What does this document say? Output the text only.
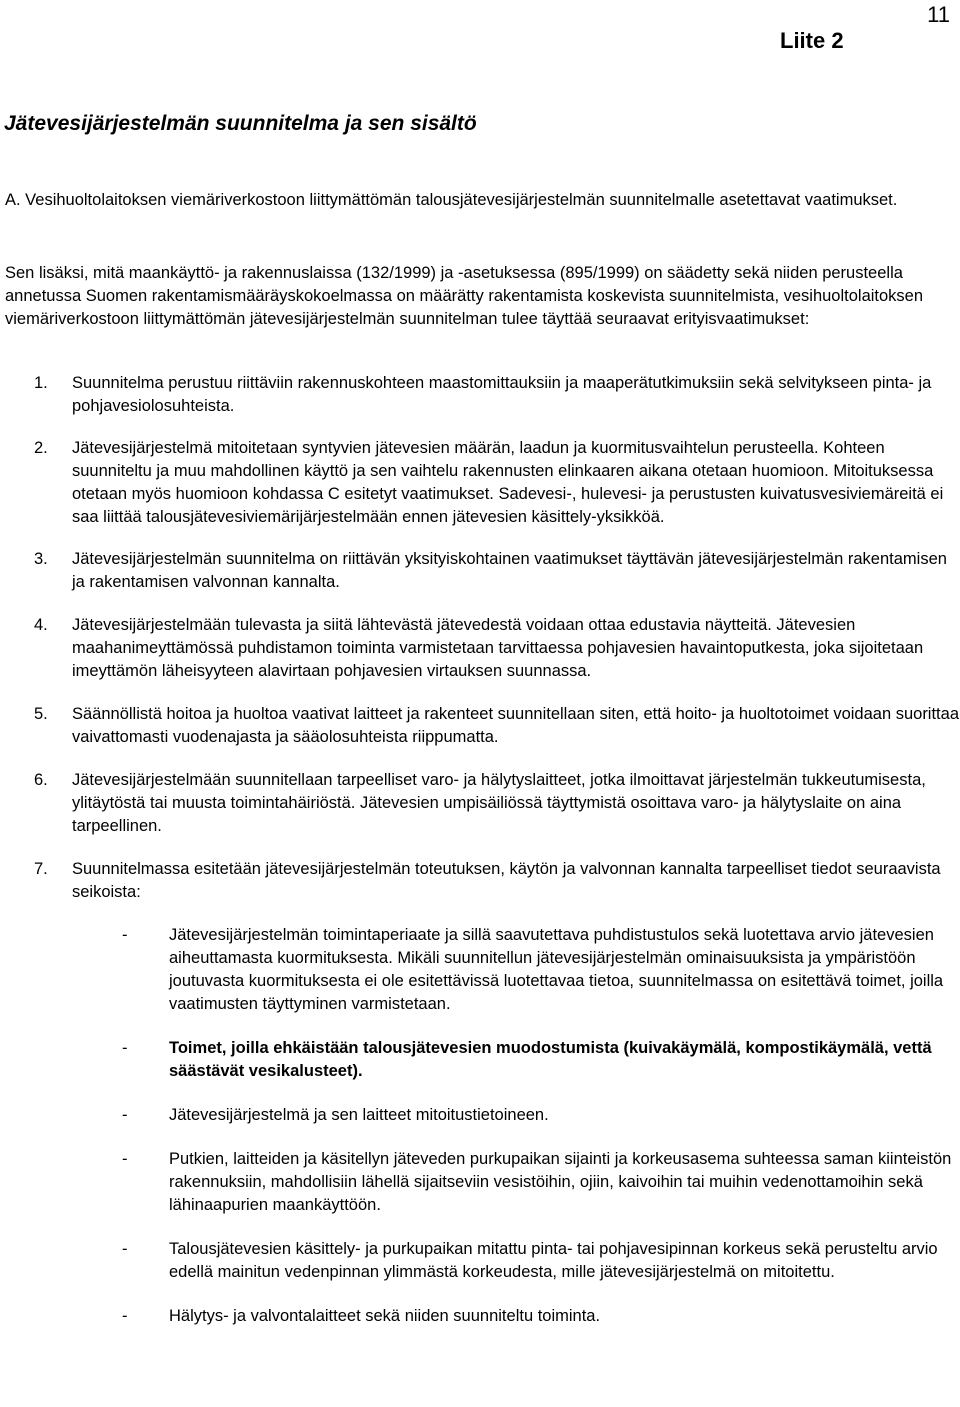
11
Liite 2
Jätevesijärjestelmän suunnitelma ja sen sisältö

A. Vesihuoltolaitoksen viemäriverkostoon liittymättömän talousjätevesijärjestelmän suunnitelmalle asetettavat vaatimukset.

Sen lisäksi, mitä maankäyttö- ja rakennuslaissa (132/1999) ja -asetuksessa (895/1999) on säädetty sekä niiden perusteella annetussa Suomen rakentamismääräyskokoelmassa on määrätty rakentamista koskevista suunnitelmista, vesihuoltolaitoksen viemäriverkostoon liittymättömän jätevesijärjestelmän suunnitelman tulee täyttää seuraavat erityisvaatimukset:

1. Suunnitelma perustuu riittäviin rakennuskohteen maastomittauksiin ja maaperätutkimuksiin sekä selvitykseen pinta- ja pohjavesiolosuhteista.
2. Jätevesijärjestelmä mitoitetaan syntyvien jätevesien määrän, laadun ja kuormitusvaihtelun perusteella. Kohteen suunniteltu ja muu mahdollinen käyttö ja sen vaihtelu rakennusten elinkaaren aikana otetaan huomioon. Mitoituksessa otetaan myös huomioon kohdassa C esitetyt vaatimukset. Sadevesi-, hulevesi- ja perustusten kuivatusvesiviemäreitä ei saa liittää talousjätevesiviemärijärjestelmään ennen jätevesien käsittely-yksikköä.
3. Jätevesijärjestelmän suunnitelma on riittävän yksityiskohtainen vaatimukset täyttävän jätevesijärjestelmän rakentamisen ja rakentamisen valvonnan kannalta.
4. Jätevesijärjestelmään tulevasta ja siitä lähtevästä jätevedestä voidaan ottaa edustavia näytteitä. Jätevesien maahanimeyttämössä puhdistamon toiminta varmistetaan tarvittaessa pohjavesien havaintoputkesta, joka sijoitetaan imeyttämön läheisyyteen alavirtaan pohjavesien virtauksen suunnassa.
5. Säännöllistä hoitoa ja huoltoa vaativat laitteet ja rakenteet suunnitellaan siten, että hoito- ja huoltotoimet voidaan suorittaa vaivattomasti vuodenajasta ja sääolosuhteista riippumatta.
6. Jätevesijärjestelmään suunnitellaan tarpeelliset varo- ja hälytyslaitteet, jotka ilmoittavat järjestelmän tukkeutumisesta, ylitäytöstä tai muusta toimintahäiriöstä. Jätevesien umpisäiliössä täyttymistä osoittava varo- ja hälytyslaite on aina tarpeellinen.
7. Suunnitelmassa esitetään jätevesijärjestelmän toteutuksen, käytön ja valvonnan kannalta tarpeelliset tiedot seuraavista seikoista:
-	Jätevesijärjestelmän toimintaperiaate ja sillä saavutettava puhdistustulos sekä luotettava arvio jätevesien aiheuttamasta kuormituksesta. Mikäli suunnitellun jätevesijärjestelmän ominaisuuksista ja ympäristöön joutuvasta kuormituksesta ei ole esitettävissä luotettavaa tietoa, suunnitelmassa on esitettävä toimet, joilla vaatimusten täyttyminen varmistetaan.
-	Toimet, joilla ehkäistään talousjätevesien muodostumista (kuivakäymälä, kompostikäymälä, vettä säästävät vesikalusteet).
-	Jätevesijärjestelmä ja sen laitteet mitoitustietoineen.
-	Putkien, laitteiden ja käsitellyn jäteveden purkupaikan sijainti ja korkeusasema suhteessa saman kiinteistön rakennuksiin, mahdollisiin lähellä sijaitseviin vesistöihin, ojiin, kaivoihin tai muihin vedenottamoihin sekä lähinaapurien maankäyttöön.
-	Talousjätevesien käsittely- ja purkupaikan mitattu pinta- tai pohjavesipinnan korkeus sekä perusteltu arvio edellä mainitun vedenpinnan ylimmästä korkeudesta, mille jätevesijärjestelmä on mitoitettu.
-	Hälytys- ja valvontalaitteet sekä niiden suunniteltu toiminta.
